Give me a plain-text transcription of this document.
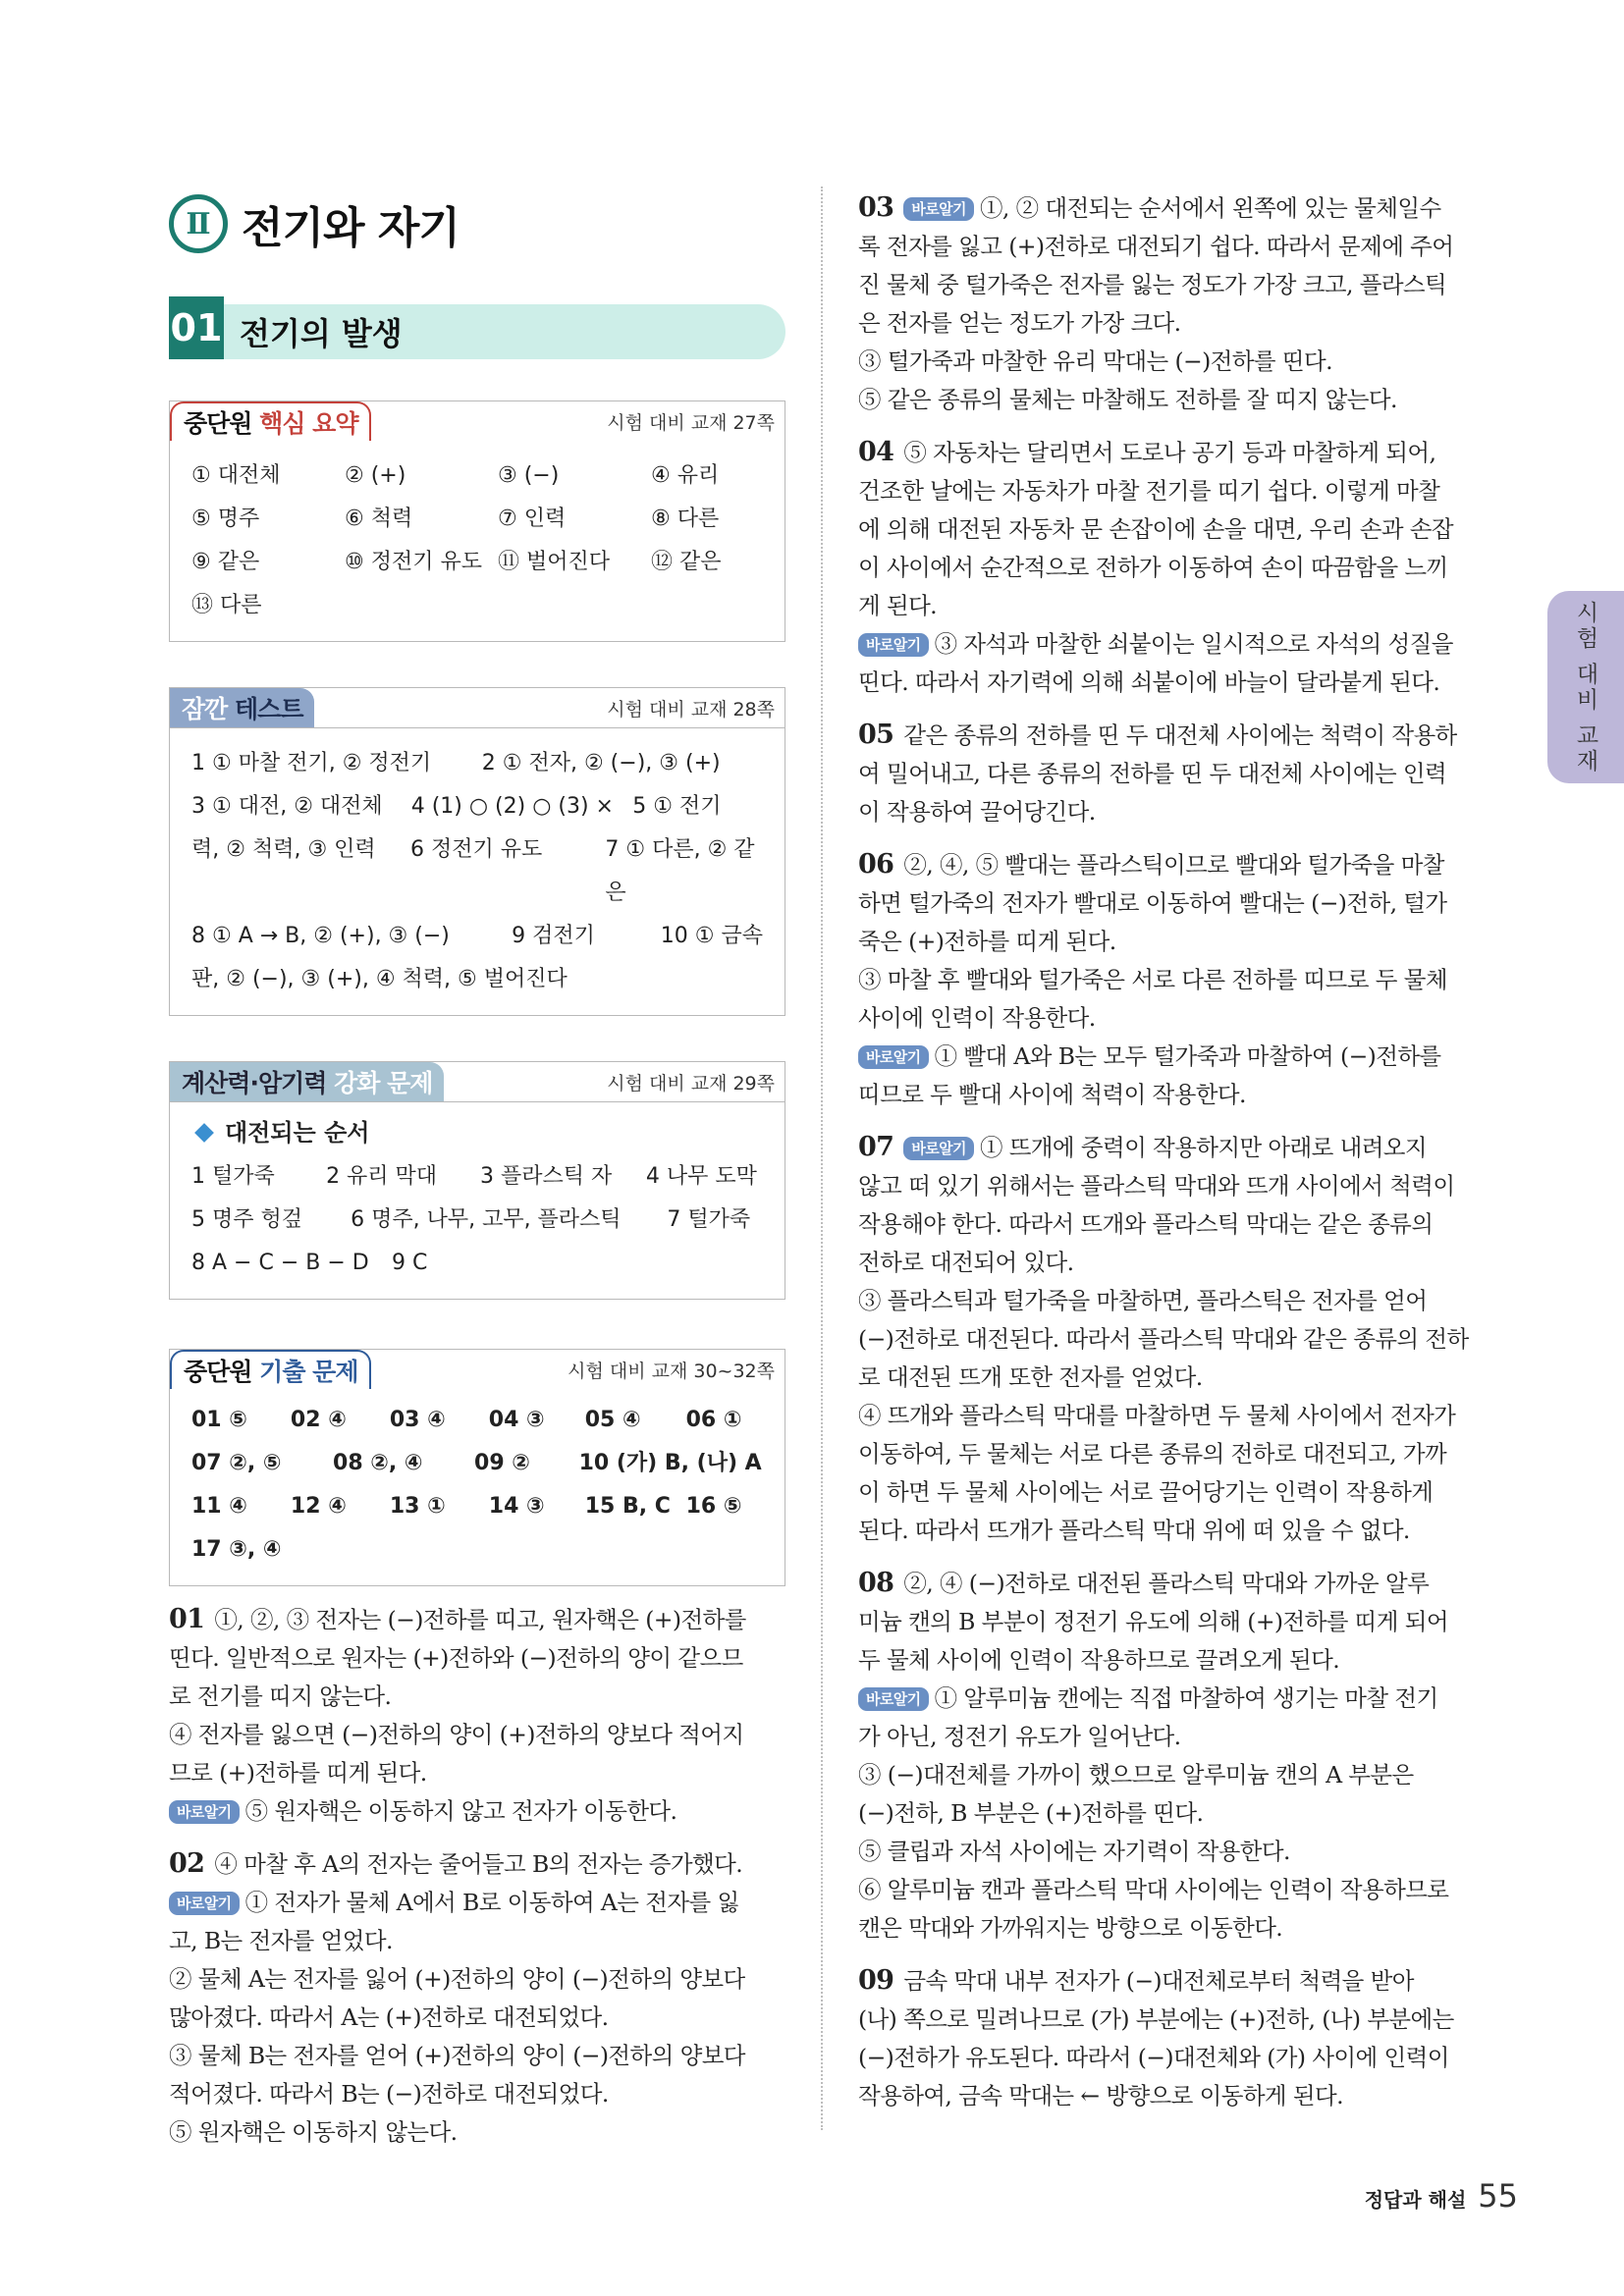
Ⅱ 전기와 자기
01 전기의 발생
중단원
핵심 요약	시험 대비 교재 27쪽
① 대전체	② (+)	③ (−)	④ 유리
⑤ 명주	⑥ 척력	⑦ 인력	⑧ 다른
⑨ 같은	⑩ 정전기 유도 ⑪ 벌어진다	⑫ 같은
⑬ 다른
잠깐
테스트	시험 대비 교재 28쪽
1 ① 마찰 전기, ② 정전기	2 ① 전자, ② (−), ③ (+)
3 ① 대전, ② 대전체	4 (1) ○ (2) ○ (3) × 5 ① 전기
력, ② 척력, ③ 인력	6 정전기 유도	7 ① 다른, ② 같은
8 ① A → B, ② (+), ③ (−)	9 검전기	10 ① 금속
판, ② (−), ③ (+), ④ 척력, ⑤ 벌어진다
계산력·암기력
강화 문제	시험 대비 교재 29쪽
대전되는 순서
1 털가죽	2 유리 막대	3 플라스틱 자	4 나무 도막
5 명주 헝겊	6 명주, 나무, 고무, 플라스틱	7 털가죽
8 A − C − B − D	9 C
중단원
기출 문제	시험 대비 교재 30~32쪽
01 ⑤	02 ④	03 ④	04 ③	05 ④	06 ①
07 ②, ⑤	08 ②, ④	09 ②	10 (가) B, (나) A
11 ④	12 ④	13 ①	14 ③	15 B, C 16 ⑤
17 ③, ④
01 ①, ②, ③ 전자는 (−)전하를 띠고, 원자핵은 (+)전하를
띤다. 일반적으로 원자는 (+)전하와 (−)전하의 양이 같으므
로 전기를 띠지 않는다.
④ 전자를 잃으면 (−)전하의 양이 (+)전하의 양보다 적어지
므로 (+)전하를 띠게 된다.
바로알기 ⑤ 원자핵은 이동하지 않고 전자가 이동한다.
02 ④ 마찰 후 A의 전자는 줄어들고 B의 전자는 증가했다.
바로알기 ① 전자가 물체 A에서 B로 이동하여 A는 전자를 잃
고, B는 전자를 얻었다.
② 물체 A는 전자를 잃어 (+)전하의 양이 (−)전하의 양보다
많아졌다. 따라서 A는 (+)전하로 대전되었다.
③ 물체 B는 전자를 얻어 (+)전하의 양이 (−)전하의 양보다
적어졌다. 따라서 B는 (−)전하로 대전되었다.
⑤ 원자핵은 이동하지 않는다.
03 바로알기 ①, ② 대전되는 순서에서 왼쪽에 있는 물체일수
록 전자를 잃고 (+)전하로 대전되기 쉽다. 따라서 문제에 주어
진 물체 중 털가죽은 전자를 잃는 정도가 가장 크고, 플라스틱
은 전자를 얻는 정도가 가장 크다.
③ 털가죽과 마찰한 유리 막대는 (−)전하를 띤다.
⑤ 같은 종류의 물체는 마찰해도 전하를 잘 띠지 않는다.
04 ⑤ 자동차는 달리면서 도로나 공기 등과 마찰하게 되어,
건조한 날에는 자동차가 마찰 전기를 띠기 쉽다. 이렇게 마찰
에 의해 대전된 자동차 문 손잡이에 손을 대면, 우리 손과 손잡
이 사이에서 순간적으로 전하가 이동하여 손이 따끔함을 느끼
게 된다.
바로알기 ③ 자석과 마찰한 쇠붙이는 일시적으로 자석의 성질을
띤다. 따라서 자기력에 의해 쇠붙이에 바늘이 달라붙게 된다.
05 같은 종류의 전하를 띤 두 대전체 사이에는 척력이 작용하
여 밀어내고, 다른 종류의 전하를 띤 두 대전체 사이에는 인력
이 작용하여 끌어당긴다.
06 ②, ④, ⑤ 빨대는 플라스틱이므로 빨대와 털가죽을 마찰
하면 털가죽의 전자가 빨대로 이동하여 빨대는 (−)전하, 털가
죽은 (+)전하를 띠게 된다.
③ 마찰 후 빨대와 털가죽은 서로 다른 전하를 띠므로 두 물체
사이에 인력이 작용한다.
바로알기 ① 빨대 A와 B는 모두 털가죽과 마찰하여 (−)전하를
띠므로 두 빨대 사이에 척력이 작용한다.
07 바로알기 ① 뜨개에 중력이 작용하지만 아래로 내려오지
않고 떠 있기 위해서는 플라스틱 막대와 뜨개 사이에서 척력이
작용해야 한다. 따라서 뜨개와 플라스틱 막대는 같은 종류의
전하로 대전되어 있다.
③ 플라스틱과 털가죽을 마찰하면, 플라스틱은 전자를 얻어
(−)전하로 대전된다. 따라서 플라스틱 막대와 같은 종류의 전하
로 대전된 뜨개 또한 전자를 얻었다.
④ 뜨개와 플라스틱 막대를 마찰하면 두 물체 사이에서 전자가
이동하여, 두 물체는 서로 다른 종류의 전하로 대전되고, 가까
이 하면 두 물체 사이에는 서로 끌어당기는 인력이 작용하게
된다. 따라서 뜨개가 플라스틱 막대 위에 떠 있을 수 없다.
08 ②, ④ (−)전하로 대전된 플라스틱 막대와 가까운 알루
미늄 캔의 B 부분이 정전기 유도에 의해 (+)전하를 띠게 되어
두 물체 사이에 인력이 작용하므로 끌려오게 된다.
바로알기 ① 알루미늄 캔에는 직접 마찰하여 생기는 마찰 전기
가 아닌, 정전기 유도가 일어난다.
③ (−)대전체를 가까이 했으므로 알루미늄 캔의 A 부분은
(−)전하, B 부분은 (+)전하를 띤다.
⑤ 클립과 자석 사이에는 자기력이 작용한다.
⑥ 알루미늄 캔과 플라스틱 막대 사이에는 인력이 작용하므로
캔은 막대와 가까워지는 방향으로 이동한다.
09 금속 막대 내부 전자가 (−)대전체로부터 척력을 받아
(나) 쪽으로 밀려나므로 (가) 부분에는 (+)전하, (나) 부분에는
(−)전하가 유도된다. 따라서 (−)대전체와 (가) 사이에 인력이
작용하여, 금속 막대는 ← 방향으로 이동하게 된다.
시험 대비 교재
정답과 해설 55
